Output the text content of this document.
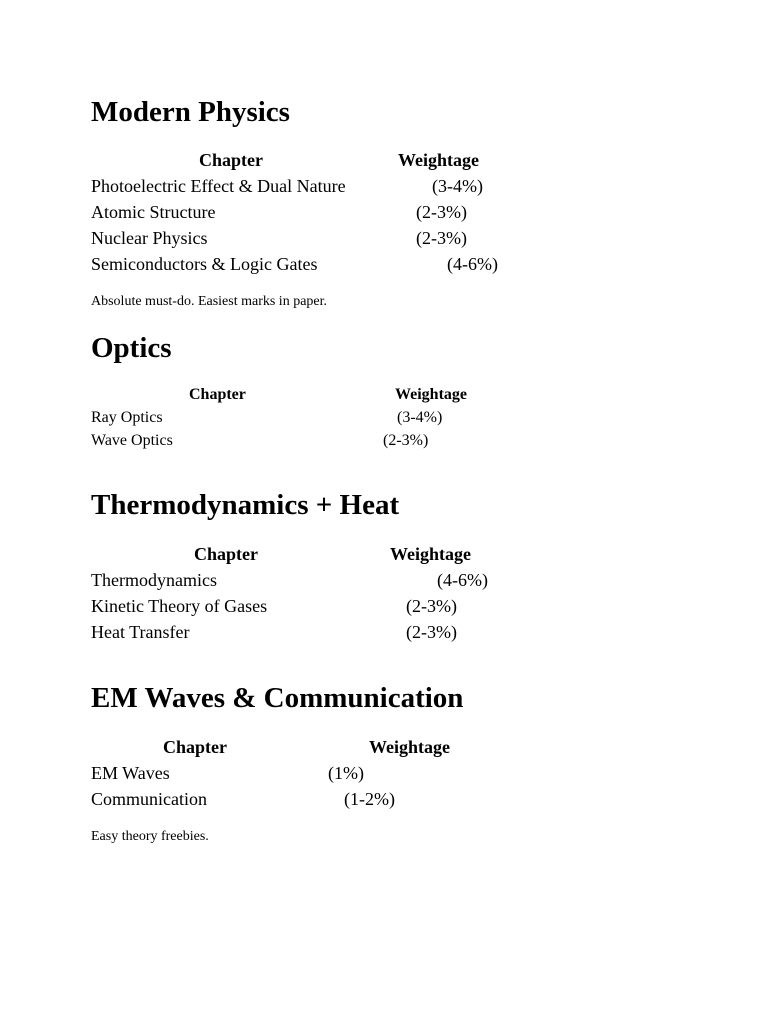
Modern Physics
Chapter	Weightage
Photoelectric Effect & Dual Nature	(3-4%)
Atomic Structure	(2-3%)
Nuclear Physics	(2-3%)
Semiconductors & Logic Gates	(4-6%)
Absolute must-do. Easiest marks in paper.
Optics
Chapter	Weightage
Ray Optics	(3-4%)
Wave Optics	(2-3%)
Thermodynamics + Heat
Chapter	Weightage
Thermodynamics	(4-6%)
Kinetic Theory of Gases	(2-3%)
Heat Transfer	(2-3%)
EM Waves & Communication
Chapter	Weightage
EM Waves	(1%)
Communication	(1-2%)
Easy theory freebies.
